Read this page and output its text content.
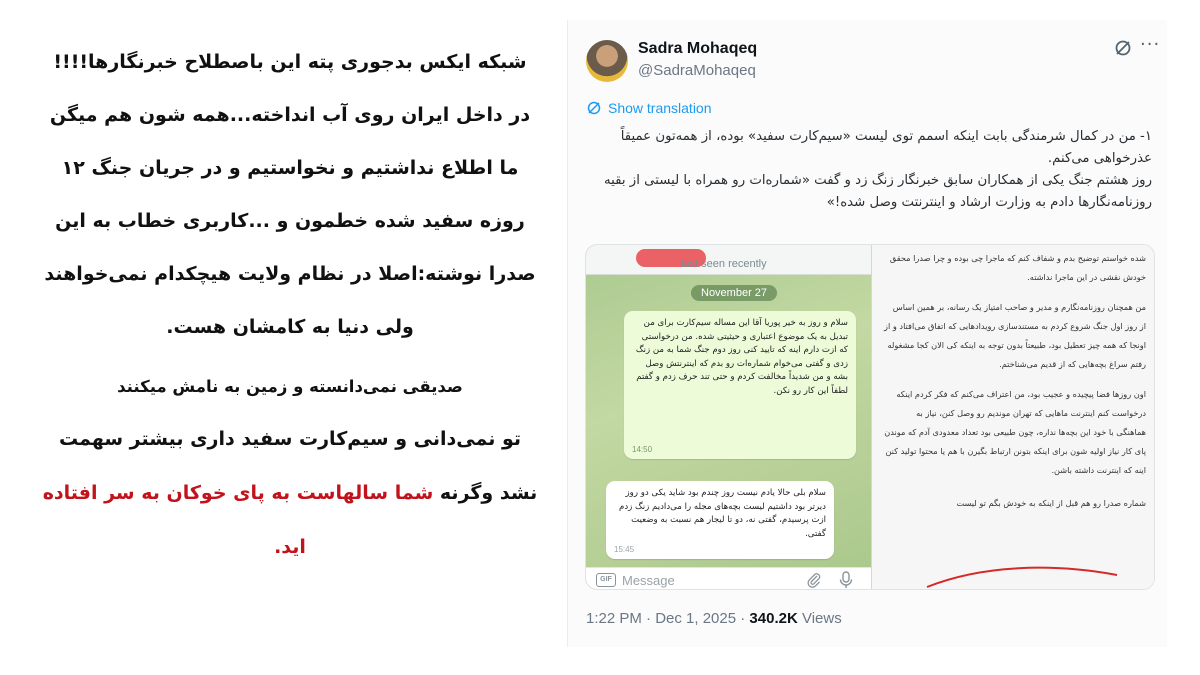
شبکه ایکس بدجوری پته این باصطلاح خبرنگارها!!!! در داخل ایران روی آب انداخته...همه شون هم میگن ما اطلاع نداشتیم و نخواستیم و در جریان جنگ ۱۲ روزه سفید شده خطمون و ...کاربری خطاب به این صدرا نوشته:اصلا در نظام ولایت هیچکدام نمی‌خواهند ولی دنیا به کامشان هست.
صدیقی نمی‌دانسته و زمین به نامش میکنند
تو نمی‌دانی و سیم‌کارت سفید داری بیشتر سهمت نشد وگرنه شما سالهاست به پای خوکان به سر افتاده اید.
Sadra Mohaqeq
@SadraMohaqeq
···
Show translation

۱- من در کمال شرمندگی بابت اینکه اسمم توی لیست «سیم‌کارت سفید» بوده، از همه‌تون عمیقاً عذرخواهی می‌کنم.

روز هشتم جنگ یکی از همکاران سابق خبرنگار زنگ زد و گفت «شماره‌ات رو همراه با لیستی از بقیه روزنامه‌نگارها دادم به وزارت ارشاد و اینترنتت وصل شده!»

last seen recently
November 27
سلام و روز به خیر پوریا آقا این مساله سیم‌کارت برای من تبدیل به یک موضوع اعتباری و حیثیتی شده. من درخواستی که ازت دارم اینه که تایید کنی روز دوم جنگ شما به من زنگ زدی و گفتی می‌خوام شماره‌ات رو بدم که اینترنتش وصل بشه و من شدیداً مخالفت کردم و حتی تند حرف زدم و گفتم لطفاً این کار رو نکن.
14:50
سلام بلی حالا یادم نیست روز چندم بود شاید یکی دو روز دیرتر بود داشتیم لیست بچه‌های مجله را می‌دادیم زنگ زدم ازت پرسیدم، گفتی نه، دو تا لیجار هم نسبت به وضعیت گفتی.
15:45
GIF
Message

شده خواستم توضیح بدم و شفاف کنم که ماجرا چی بوده و چرا صدرا محقق خودش نقشی در این ماجرا نداشته.

من همچنان روزنامه‌نگارم و مدیر و صاحب امتیاز یک رسانه، بر همین اساس از روز اول جنگ شروع کردم به مستندسازی رویدادهایی که اتفاق می‌افتاد و از اونجا که همه چیز تعطیل بود، طبیعتاً بدون توجه به اینکه کی الان کجا مشغوله رفتم سراغ بچه‌هایی که از قدیم می‌شناختم.

اون روزها فضا پیچیده و عجیب بود، من اعتراف می‌کنم که فکر کردم اینکه درخواست کنم اینترنت ماهایی که تهران موندیم رو وصل کنن، نیاز به هماهنگی با خود این بچه‌ها نداره، چون طبیعی بود تعداد معدودی آدم که موندن پای کار نیاز اولیه شون برای اینکه بتونن ارتباط بگیرن با هم یا محتوا تولید کنن اینه که اینترنت داشته باشن.

شماره صدرا رو هم قبل از اینکه به خودش بگم تو لیست

1:22 PM · Dec 1, 2025 · 340.2K Views
